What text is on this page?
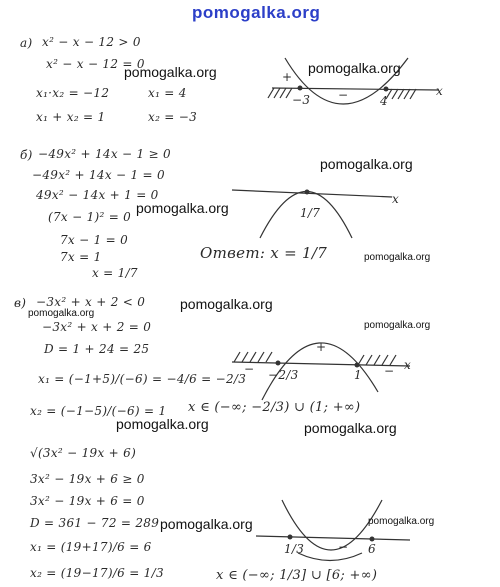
pomogalka.org
а) x² − x − 12 > 0
x² − x − 12 = 0
x₁·x₂ = −12
x₁ + x₂ = 1
x₁ = 4
x₂ = −3
+
−
−3	4
x
б) −49x² + 14x − 1 ≥ 0
−49x² + 14x − 1 = 0
49x² − 14x + 1 = 0
(7x − 1)² = 0
7x − 1 = 0
7x = 1
x = 1/7
1/7
x
Ответ: x = 1/7
в) −3x² + x + 2 < 0
−3x² + x + 2 = 0
D = 1 + 24 = 25
x₁ = (−1+5)/(−6) = −4/6 = −2/3
x₂ = (−1−5)/(−6) = 1
+
−	−
−2/3	1
x
x ∈ (−∞; −2/3) ∪ (1; +∞)
√(3x² − 19x + 6)
3x² − 19x + 6 ≥ 0
3x² − 19x + 6 = 0
D = 361 − 72 = 289
x₁ = (19+17)/6 = 6
x₂ = (19−17)/6 = 1/3
−
1/3	6
x ∈ (−∞; 1/3] ∪ [6; +∞)
pomogalka.org	pomogalka.org
pomogalka.org
pomogalka.org
pomogalka.org
pomogalka.org
pomogalka.org
pomogalka.org
pomogalka.org	pomogalka.org
pomogalka.org	pomogalka.org
